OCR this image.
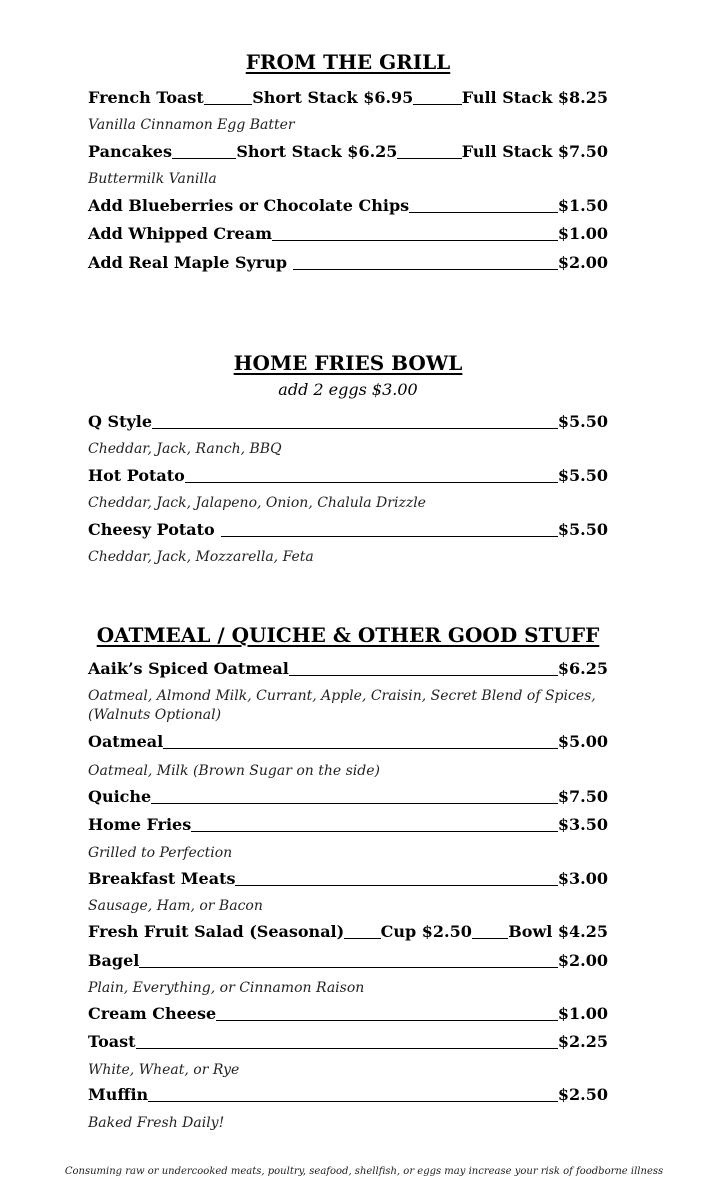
FROM THE GRILL
French Toast	Short Stack $6.95	Full Stack $8.25
Vanilla Cinnamon Egg Batter
Pancakes	Short Stack $6.25	Full Stack $7.50
Buttermilk Vanilla
Add Blueberries or Chocolate Chips	$1.50
Add Whipped Cream	$1.00
Add Real Maple Syrup	$2.00
HOME FRIES BOWL
add 2 eggs $3.00
Q Style	$5.50
Cheddar, Jack, Ranch, BBQ
Hot Potato	$5.50
Cheddar, Jack, Jalapeno, Onion, Chalula Drizzle
Cheesy Potato	$5.50
Cheddar, Jack, Mozzarella, Feta
OATMEAL / QUICHE & OTHER GOOD STUFF
Aaik’s Spiced Oatmeal	$6.25
Oatmeal, Almond Milk, Currant, Apple, Craisin, Secret Blend of Spices,
(Walnuts Optional)
Oatmeal	$5.00
Oatmeal, Milk (Brown Sugar on the side)
Quiche	$7.50
Home Fries	$3.50
Grilled to Perfection
Breakfast Meats	$3.00
Sausage, Ham, or Bacon
Fresh Fruit Salad (Seasonal) Cup $2.50 Bowl $4.25
Bagel	$2.00
Plain, Everything, or Cinnamon Raison
Cream Cheese	$1.00
Toast	$2.25
White, Wheat, or Rye
Muffin	$2.50
Baked Fresh Daily!
Consuming raw or undercooked meats, poultry, seafood, shellfish, or eggs may increase your risk of foodborne illness
